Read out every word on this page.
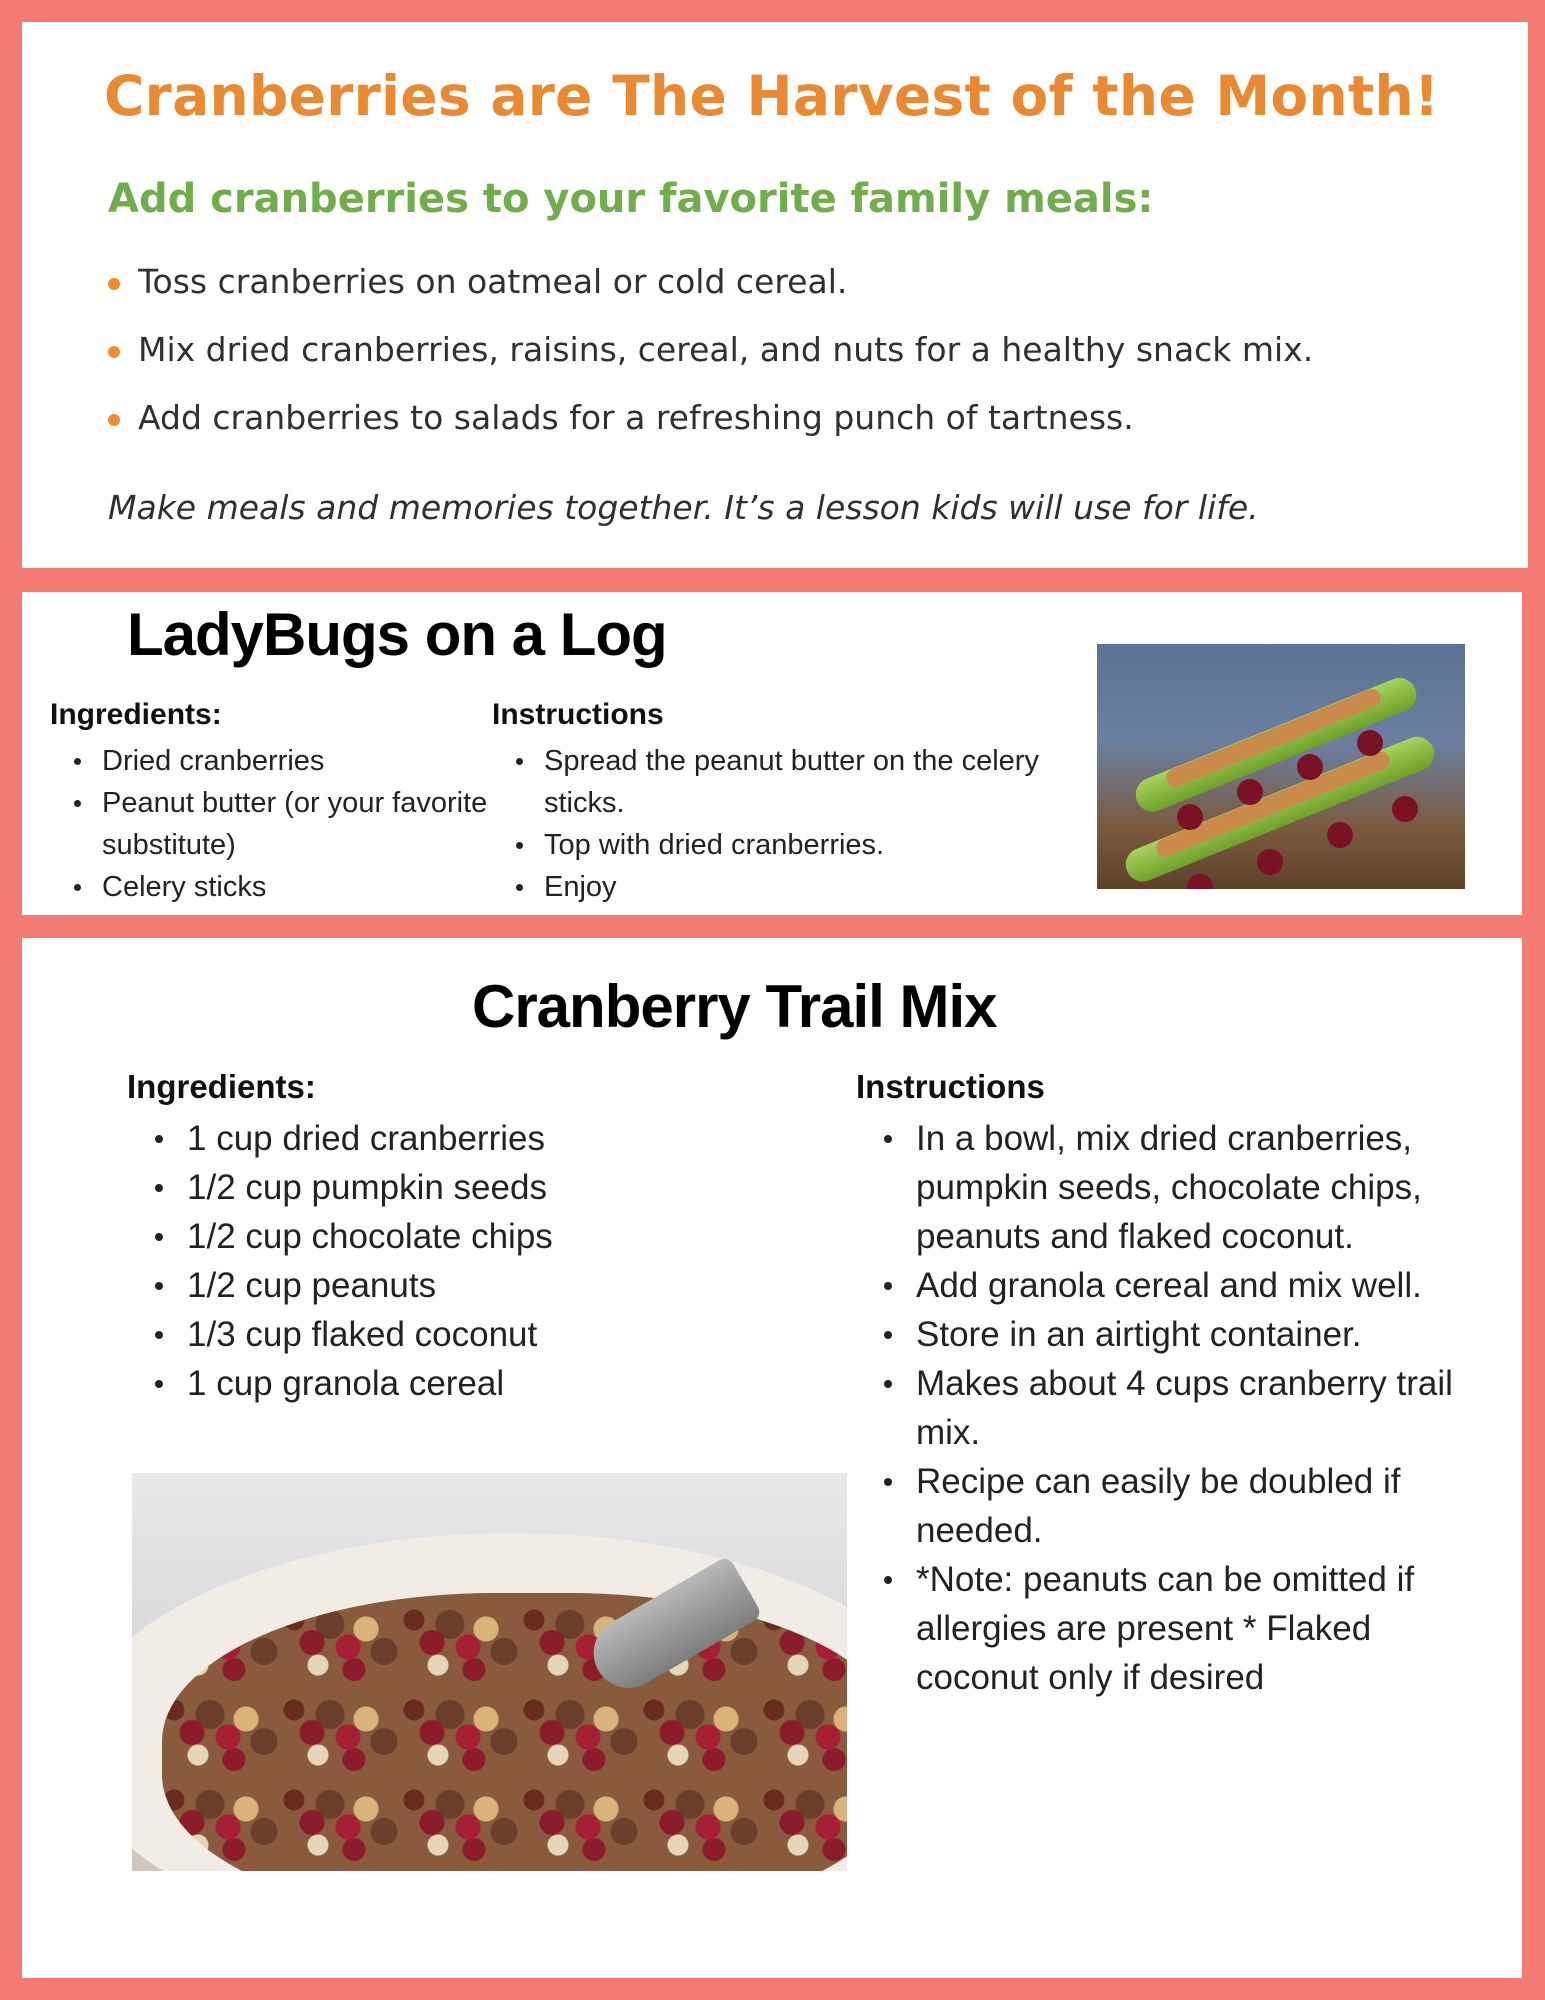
Cranberries are The Harvest of the Month!
Add cranberries to your favorite family meals:
Toss cranberries on oatmeal or cold cereal.
Mix dried cranberries, raisins, cereal, and nuts for a healthy snack mix.
Add cranberries to salads for a refreshing punch of tartness.

Make meals and memories together. It’s a lesson kids will use for life.

LadyBugs on a Log
Ingredients:
Dried cranberries
Peanut butter (or your favorite substitute)
Celery sticks
Instructions
Spread the peanut butter on the celery sticks.
Top with dried cranberries.
Enjoy
Cranberry Trail Mix
Ingredients:
1 cup dried cranberries
1/2 cup pumpkin seeds
1/2 cup chocolate chips
1/2 cup peanuts
1/3 cup flaked coconut
1 cup granola cereal
Instructions
In a bowl, mix dried cranberries, pumpkin seeds, chocolate chips, peanuts and flaked coconut.
Add granola cereal and mix well.
Store in an airtight container.
Makes about 4 cups cranberry trail mix.
Recipe can easily be doubled if needed.
*Note: peanuts can be omitted if allergies are present * Flaked coconut only if desired
